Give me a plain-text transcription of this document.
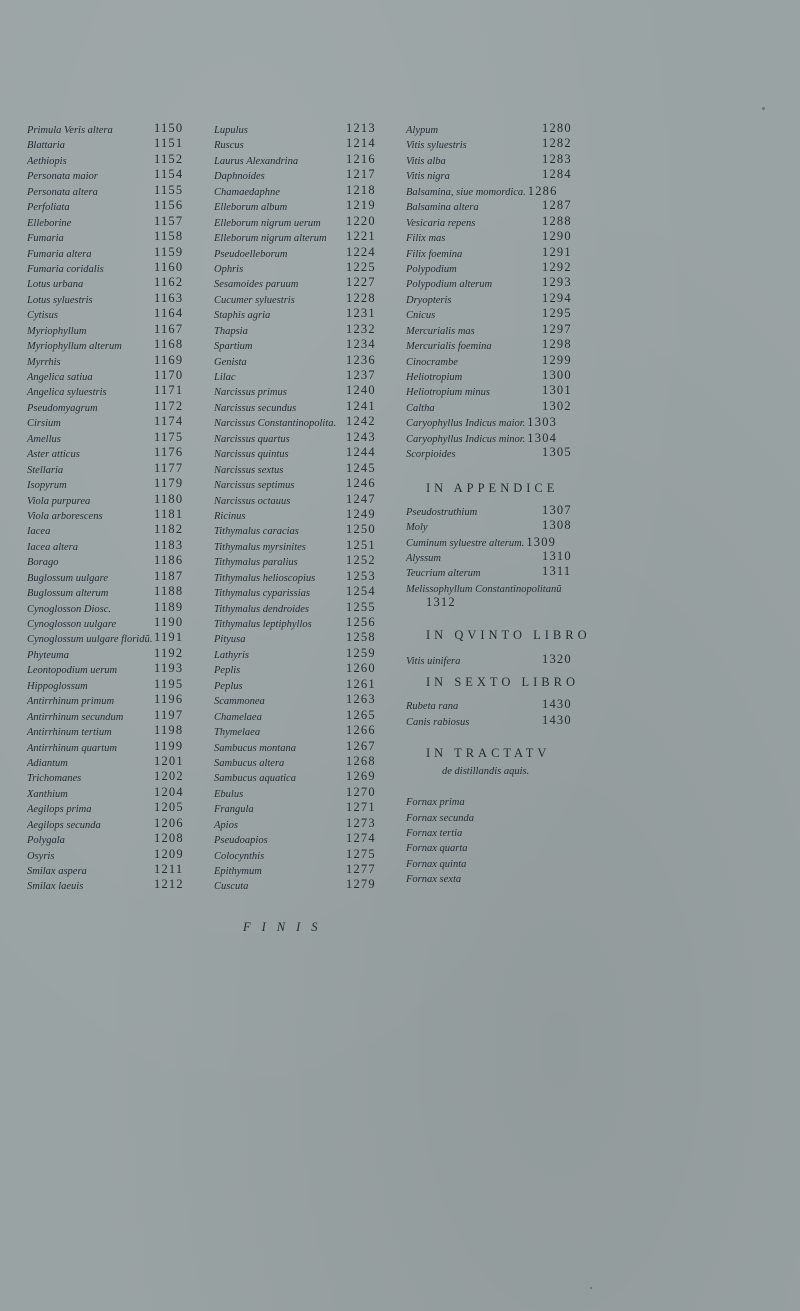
Primula Veris altera	1150
Blattaria	1151
Aethiopis	1152
Personata maior	1154
Personata altera	1155
Perfoliata	1156
Elleborine	1157
Fumaria	1158
Fumaria altera	1159
Fumaria coridalis	1160
Lotus urbana	1162
Lotus syluestris	1163
Cytisus	1164
Myriophyllum	1167
Myriophyllum alterum	1168
Myrrhis	1169
Angelica satiua	1170
Angelica syluestris	1171
Pseudomyagrum	1172
Cirsium	1174
Amellus	1175
Aster atticus	1176
Stellaria	1177
Isopyrum	1179
Viola purpurea	1180
Viola arborescens	1181
Iacea	1182
Iacea altera	1183
Borago	1186
Buglossum uulgare	1187
Buglossum alterum	1188
Cynoglosson Diosc.	1189
Cynoglosson uulgare	1190
Cynoglossum uulgare floridũ. 1191
Phyteuma	1192
Leontopodium uerum	1193
Hippoglossum	1195
Antirrhinum primum	1196
Antirrhinum secundum 1197
Antirrhinum tertium	1198
Antirrhinum quartum	1199
Adiantum	1201
Trichomanes	1202
Xanthium	1204
Aegilops prima	1205
Aegilops secunda	1206
Polygala	1208
Osyris	1209
Smilax aspera	1211
Smilax laeuis	1212
Lupulus	1213
Ruscus	1214
Laurus Alexandrina	1216
Daphnoides	1217
Chamaedaphne	1218
Elleborum album	1219
Elleborum nigrum uerum 1220
Elleborum nigrum alterum 1221
Pseudoelleborum	1224
Ophris	1225
Sesamoides paruum	1227
Cucumer syluestris	1228
Staphis agria	1231
Thapsia	1232
Spartium	1234
Genista	1236
Lilac	1237
Narcissus primus	1240
Narcissus secundus	1241
Narcissus Constantinopolita. 1242
Narcissus quartus	1243
Narcissus quintus	1244
Narcissus sextus	1245
Narcissus septimus	1246
Narcissus octauus	1247
Ricinus	1249
Tithymalus caracias	1250
Tithymalus myrsinites	1251
Tithymalus paralius	1252
Tithymalus helioscopius 1253
Tithymalus cyparissias	1254
Tithymalus dendroides	1255
Tithymalus leptiphyllos	1256
Pityusa	1258
Lathyris	1259
Peplis	1260
Peplus	1261
Scammonea	1263
Chamelaea	1265
Thymelaea	1266
Sambucus montana	1267
Sambucus altera	1268
Sambucus aquatica	1269
Ebulus	1270
Frangula	1271
Apios	1273
Pseudoapios	1274
Colocynthis	1275
Epithymum	1277
Cuscuta	1279
Alypum	1280
Vitis syluestris	1282
Vitis alba	1283
Vitis nigra	1284
Balsamina, siue momordica. 1286
Balsamina altera	1287
Vesicaria repens	1288
Filix mas	1290
Filix foemina	1291
Polypodium	1292
Polypodium alterum	1293
Dryopteris	1294
Cnicus	1295
Mercurialis mas	1297
Mercurialis foemina	1298
Cinocrambe	1299
Heliotropium	1300
Heliotropium minus	1301
Caltha	1302
Caryophyllus Indicus maior. 1303
Caryophyllus Indicus minor. 1304
Scorpioides	1305
IN APPENDICE
Pseudostruthium	1307
Moly	1308
Cuminum syluestre alterum. 1309
Alyssum	1310
Teucrium alterum	1311
Melissophyllum Constantinopolitanũ
1312
IN QVINTO LIBRO
Vitis uinifera	1320
IN SEXTO LIBRO
Rubeta rana	1430
Canis rabiosus	1430
IN TRACTATV
de distillandis aquis.
Fornax prima
Fornax secunda
Fornax tertia
Fornax quarta
Fornax quinta
Fornax sexta
FINIS
